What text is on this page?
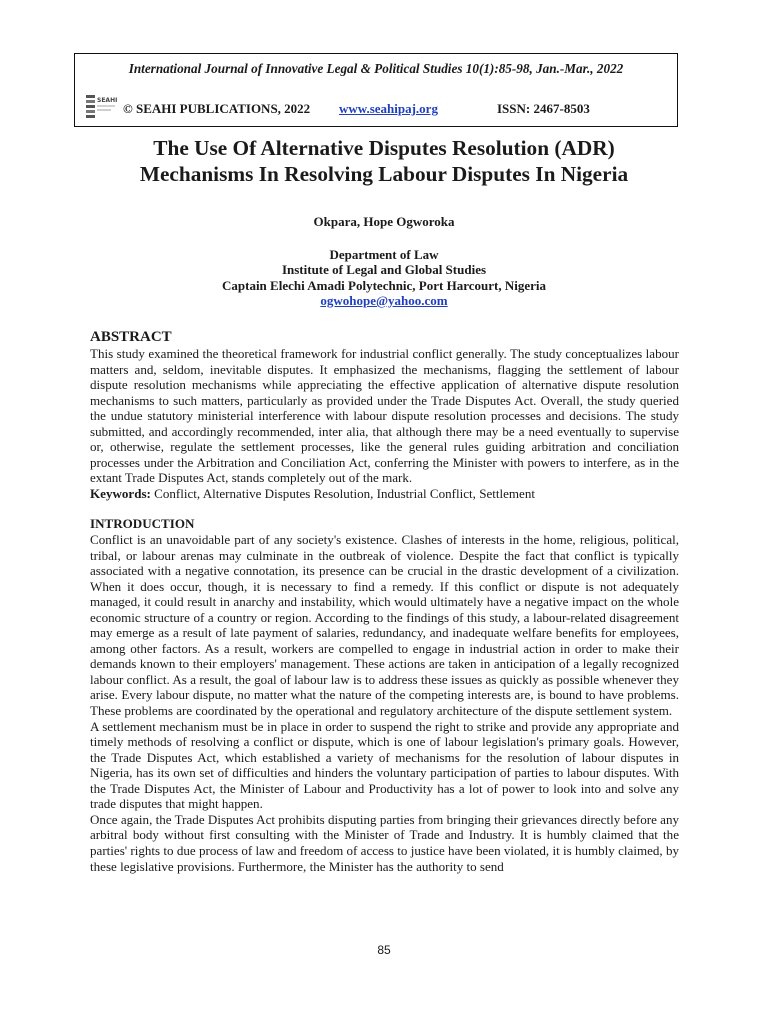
International Journal of Innovative Legal & Political Studies 10(1):85-98, Jan.-Mar., 2022
SEAHI
© SEAHI PUBLICATIONS, 2022 www.seahipaj.org	ISSN: 2467-8503
The Use Of Alternative Disputes Resolution (ADR)
Mechanisms In Resolving Labour Disputes In Nigeria
Okpara, Hope Ogworoka
Department of Law
Institute of Legal and Global Studies
Captain Elechi Amadi Polytechnic, Port Harcourt, Nigeria
ogwohope@yahoo.com

ABSTRACT

This study examined the theoretical framework for industrial conflict generally. The study conceptualizes labour matters and, seldom, inevitable disputes. It emphasized the mechanisms, flagging the settlement of labour dispute resolution mechanisms while appreciating the effective application of alternative dispute resolution mechanisms to such matters, particularly as provided under the Trade Disputes Act. Overall, the study queried the undue statutory ministerial interference with labour dispute resolution processes and decisions. The study submitted, and accordingly recommended, inter alia, that although there may be a need eventually to supervise or, otherwise, regulate the settlement processes, like the general rules guiding arbitration and conciliation processes under the Arbitration and Conciliation Act, conferring the Minister with powers to interfere, as in the extant Trade Disputes Act, stands completely out of the mark.

Keywords: Conflict, Alternative Disputes Resolution, Industrial Conflict, Settlement

INTRODUCTION

Conflict is an unavoidable part of any society's existence. Clashes of interests in the home, religious, political, tribal, or labour arenas may culminate in the outbreak of violence. Despite the fact that conflict is typically associated with a negative connotation, its presence can be crucial in the drastic development of a civilization. When it does occur, though, it is necessary to find a remedy. If this conflict or dispute is not adequately managed, it could result in anarchy and instability, which would ultimately have a negative impact on the whole economic structure of a country or region. According to the findings of this study, a labour-related disagreement may emerge as a result of late payment of salaries, redundancy, and inadequate welfare benefits for employees, among other factors. As a result, workers are compelled to engage in industrial action in order to make their demands known to their employers' management. These actions are taken in anticipation of a legally recognized labour conflict. As a result, the goal of labour law is to address these issues as quickly as possible whenever they arise. Every labour dispute, no matter what the nature of the competing interests are, is bound to have problems. These problems are coordinated by the operational and regulatory architecture of the dispute settlement system.

A settlement mechanism must be in place in order to suspend the right to strike and provide any appropriate and timely methods of resolving a conflict or dispute, which is one of labour legislation's primary goals. However, the Trade Disputes Act, which established a variety of mechanisms for the resolution of labour disputes in Nigeria, has its own set of difficulties and hinders the voluntary participation of parties to labour disputes. With the Trade Disputes Act, the Minister of Labour and Productivity has a lot of power to look into and solve any trade disputes that might happen.

Once again, the Trade Disputes Act prohibits disputing parties from bringing their grievances directly before any arbitral body without first consulting with the Minister of Trade and Industry. It is humbly claimed that the parties' rights to due process of law and freedom of access to justice have been violated, it is humbly claimed, by these legislative provisions. Furthermore, the Minister has the authority to send

85
